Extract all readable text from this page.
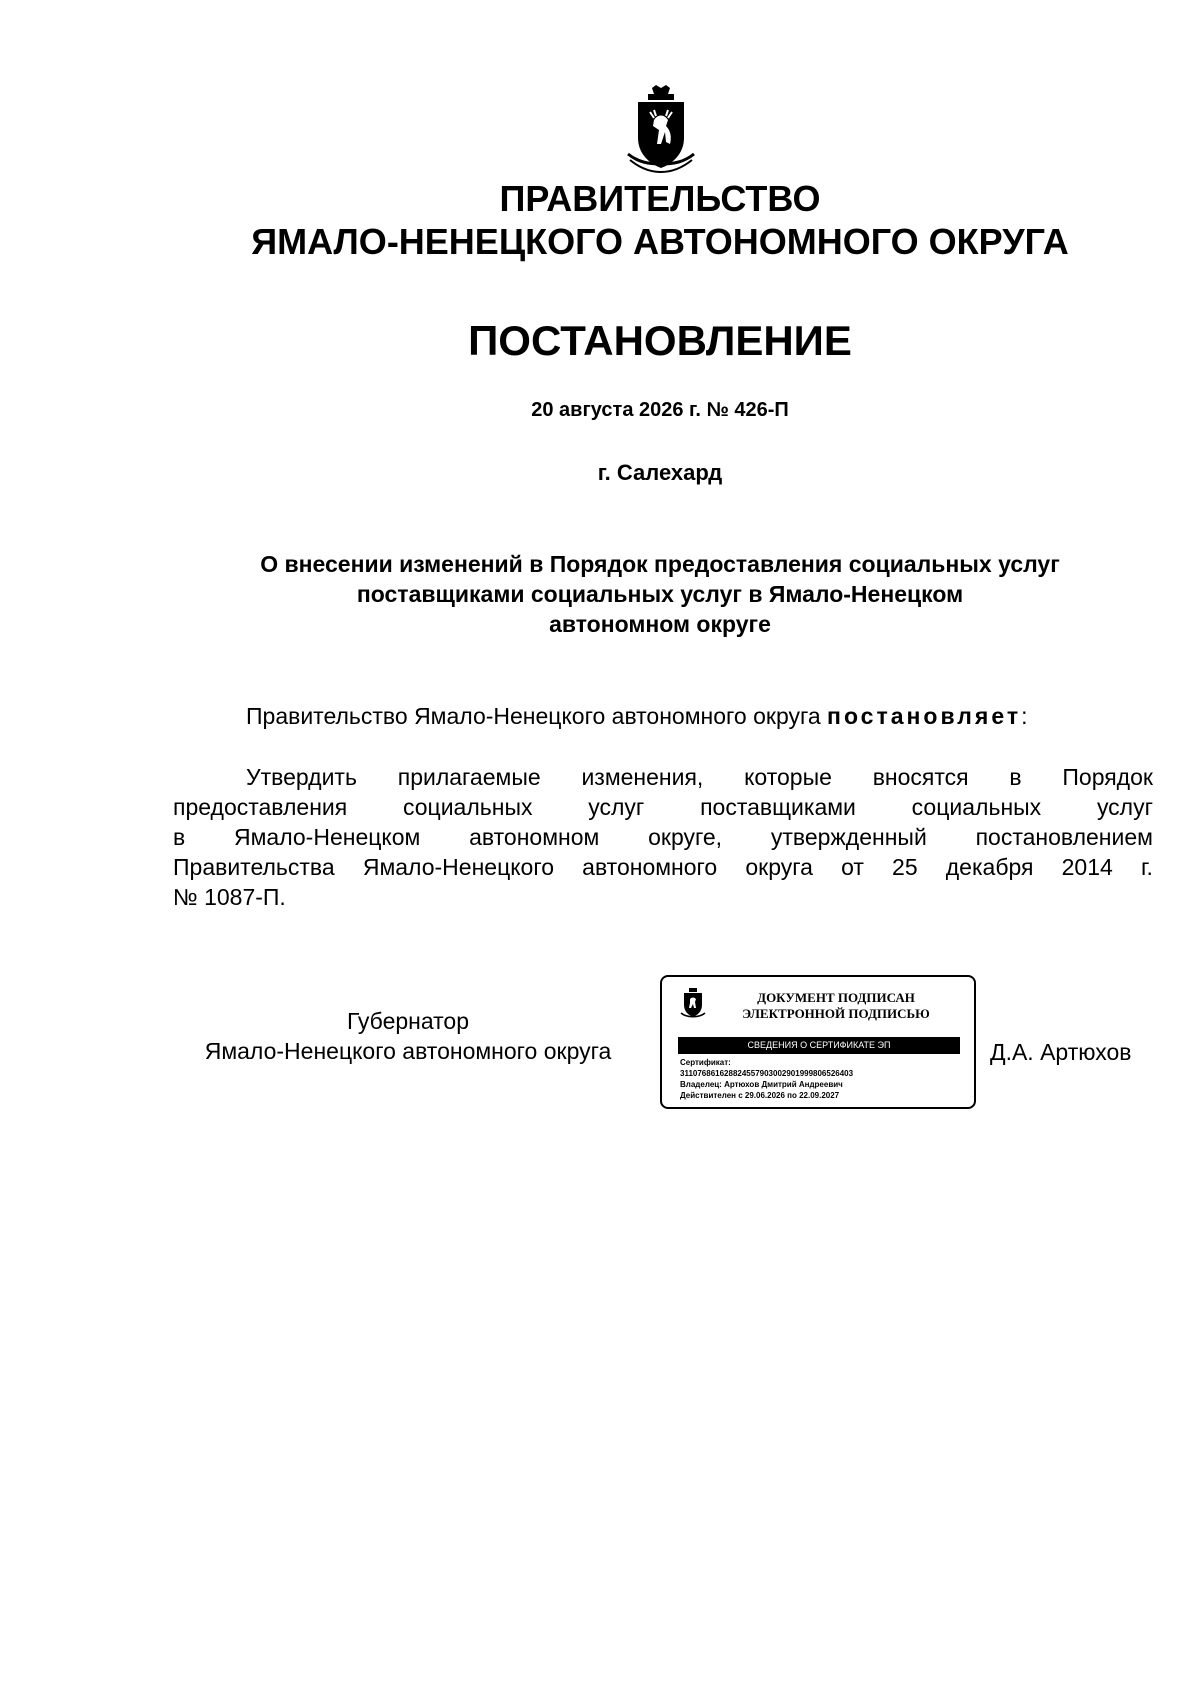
ПРАВИТЕЛЬСТВО
ЯМАЛО-НЕНЕЦКОГО АВТОНОМНОГО ОКРУГА
ПОСТАНОВЛЕНИЕ
20 августа 2026 г. № 426-П
г. Салехард
О внесении изменений в Порядок предоставления социальных услуг
поставщиками социальных услуг в Ямало-Ненецком
автономном округе
Правительство Ямало-Ненецкого автономного округа постановляет:
Утвердить прилагаемые изменения, которые вносятся в Порядок
предоставления социальных услуг поставщиками социальных услуг
в Ямало-Ненецком автономном округе, утвержденный постановлением
Правительства Ямало-Ненецкого автономного округа от 25 декабря 2014 г.
№ 1087-П.
Губернатор
Ямало-Ненецкого автономного округа
ДОКУМЕНТ ПОДПИСАН
ЭЛЕКТРОННОЙ ПОДПИСЬЮ
СВЕДЕНИЯ О СЕРТИФИКАТЕ ЭП
Сертификат:
311076861628824557903002901999806526403
Владелец: Артюхов Дмитрий Андреевич
Действителен с 29.06.2026 по 22.09.2027
Д.А. Артюхов
